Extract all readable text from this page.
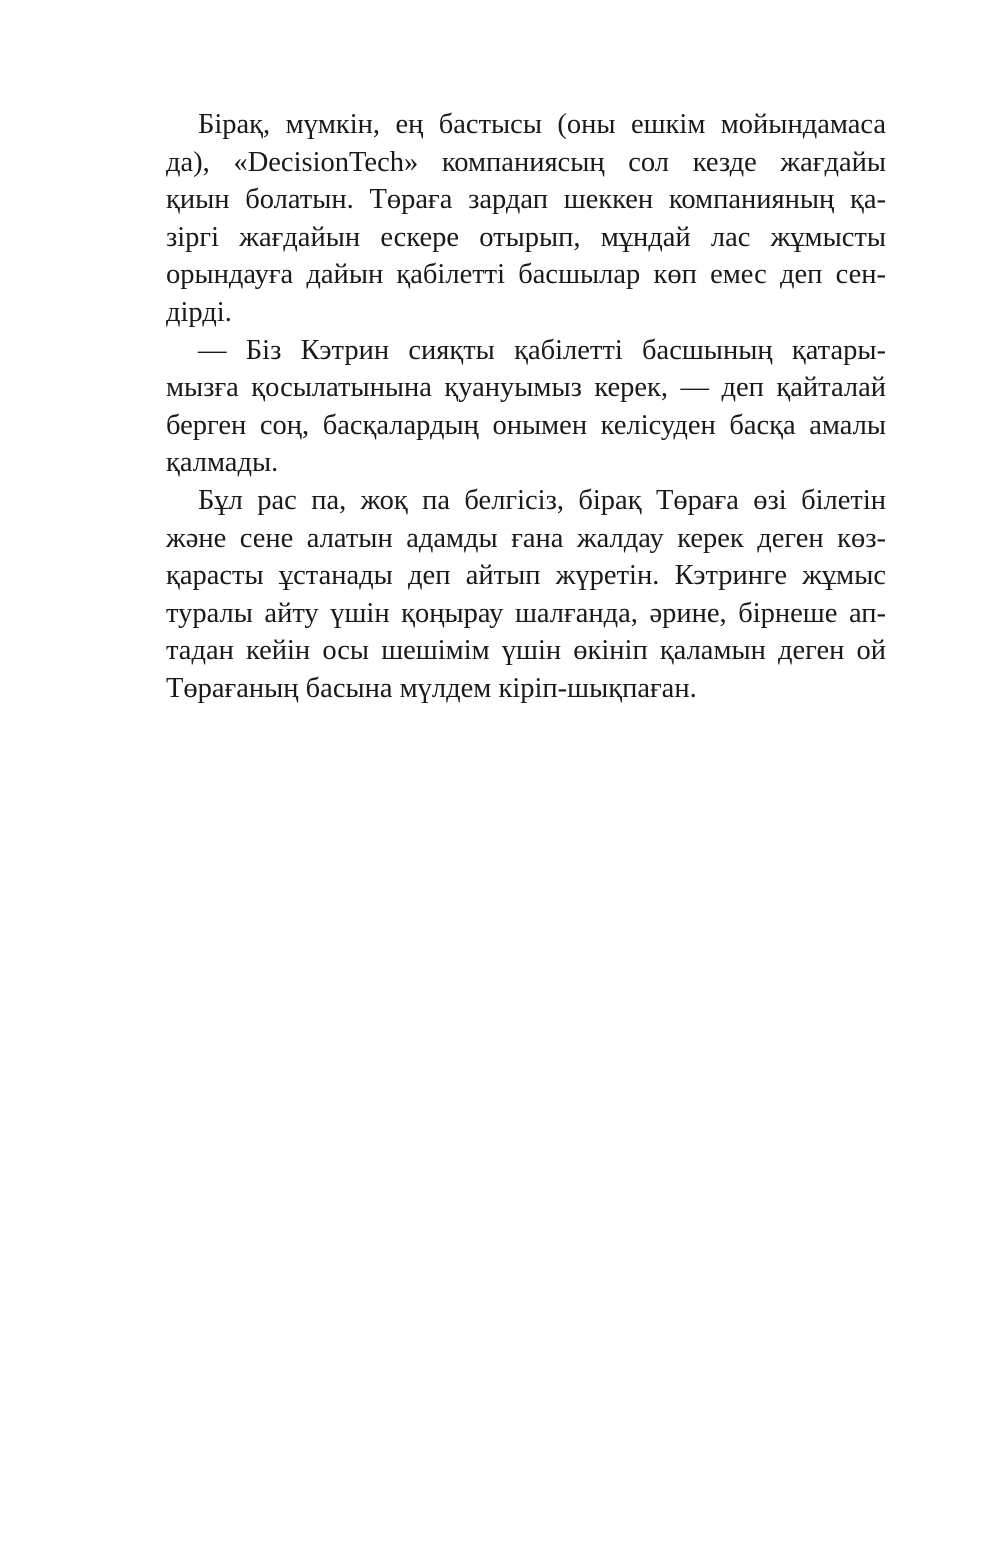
Бірақ, мүмкін, ең бастысы (оны ешкім мойындамаса
да), «DecisionTech» компаниясың сол кезде жағдайы
қиын болатын. Төраға зардап шеккен компанияның қа-
зіргі жағдайын ескере отырып, мұндай лас жұмысты
орындауға дайын қабілетті басшылар көп емес деп сен-
дірді.
— Біз Кэтрин сияқты қабілетті басшының қатары-
мызға қосылатынына қуануымыз керек, — деп қайталай
берген соң, басқалардың онымен келісуден басқа амалы
қалмады.
Бұл рас па, жоқ па белгісіз, бірақ Төраға өзі білетін
және сене алатын адамды ғана жалдау керек деген көз-
қарасты ұстанады деп айтып жүретін. Кэтринге жұмыс
туралы айту үшін қоңырау шалғанда, әрине, бірнеше ап-
тадан кейін осы шешімім үшін өкініп қаламын деген ой
Төрағаның басына мүлдем кіріп-шықпаған.
